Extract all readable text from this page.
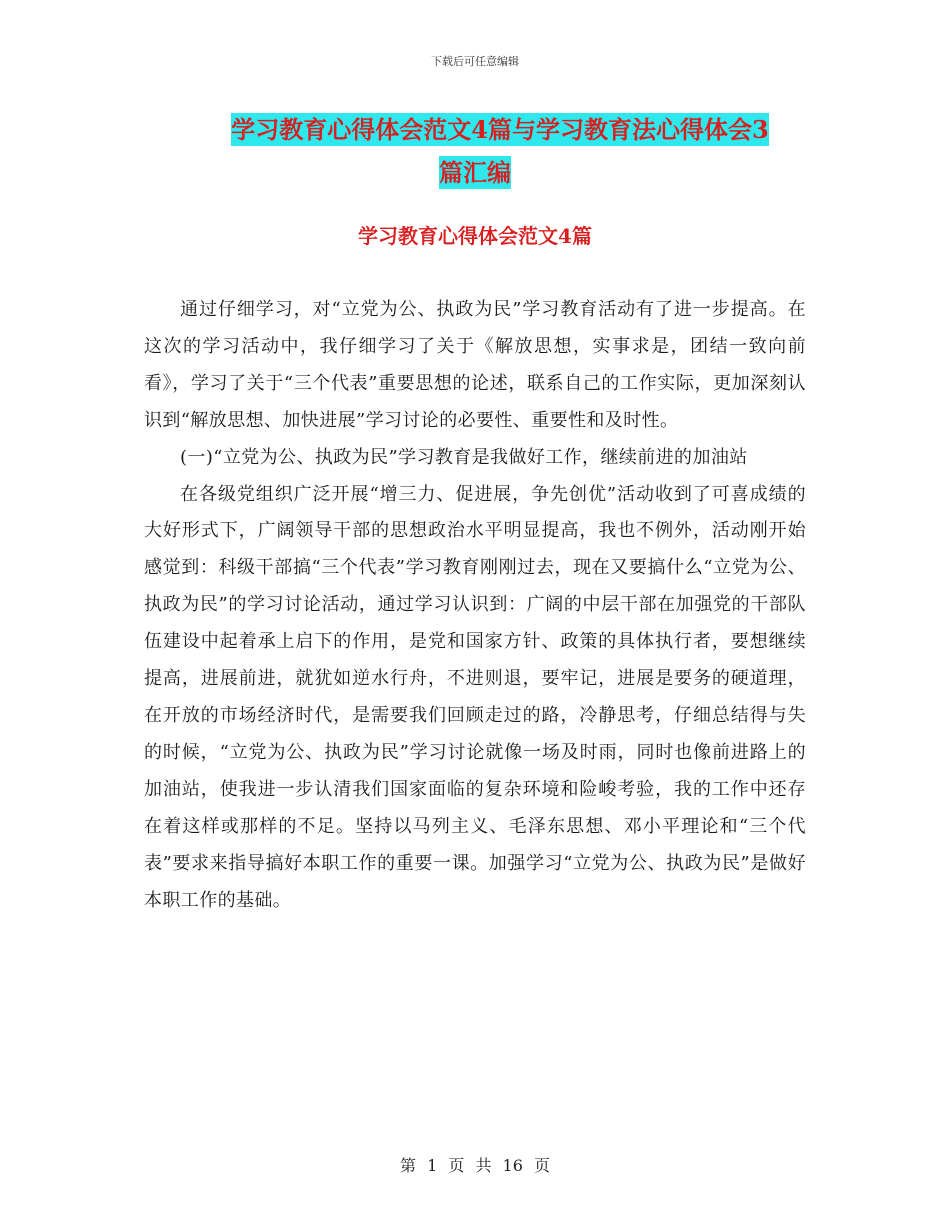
下载后可任意编辑
学习教育心得体会范文4篇与学习教育法心得体会3
篇汇编
学习教育心得体会范文4篇

通过仔细学习，对“立党为公、执政为民”学习教育活动有了进一步提高。在这次的学习活动中，我仔细学习了关于《解放思想，实事求是，团结一致向前看》，学习了关于“三个代表”重要思想的论述，联系自己的工作实际，更加深刻认识到“解放思想、加快进展”学习讨论的必要性、重要性和及时性。

(一)“立党为公、执政为民”学习教育是我做好工作，继续前进的加油站

在各级党组织广泛开展“增三力、促进展，争先创优”活动收到了可喜成绩的大好形式下，广阔领导干部的思想政治水平明显提高，我也不例外，活动刚开始感觉到：科级干部搞“三个代表”学习教育刚刚过去，现在又要搞什么“立党为公、执政为民”的学习讨论活动，通过学习认识到：广阔的中层干部在加强党的干部队伍建设中起着承上启下的作用，是党和国家方针、政策的具体执行者，要想继续提高，进展前进，就犹如逆水行舟，不进则退，要牢记，进展是要务的硬道理，在开放的市场经济时代，是需要我们回顾走过的路，冷静思考，仔细总结得与失的时候，“立党为公、执政为民”学习讨论就像一场及时雨，同时也像前进路上的加油站，使我进一步认清我们国家面临的复杂环境和险峻考验，我的工作中还存在着这样或那样的不足。坚持以马列主义、毛泽东思想、邓小平理论和“三个代表”要求来指导搞好本职工作的重要一课。加强学习“立党为公、执政为民”是做好本职工作的基础。

第 1 页 共 16 页
